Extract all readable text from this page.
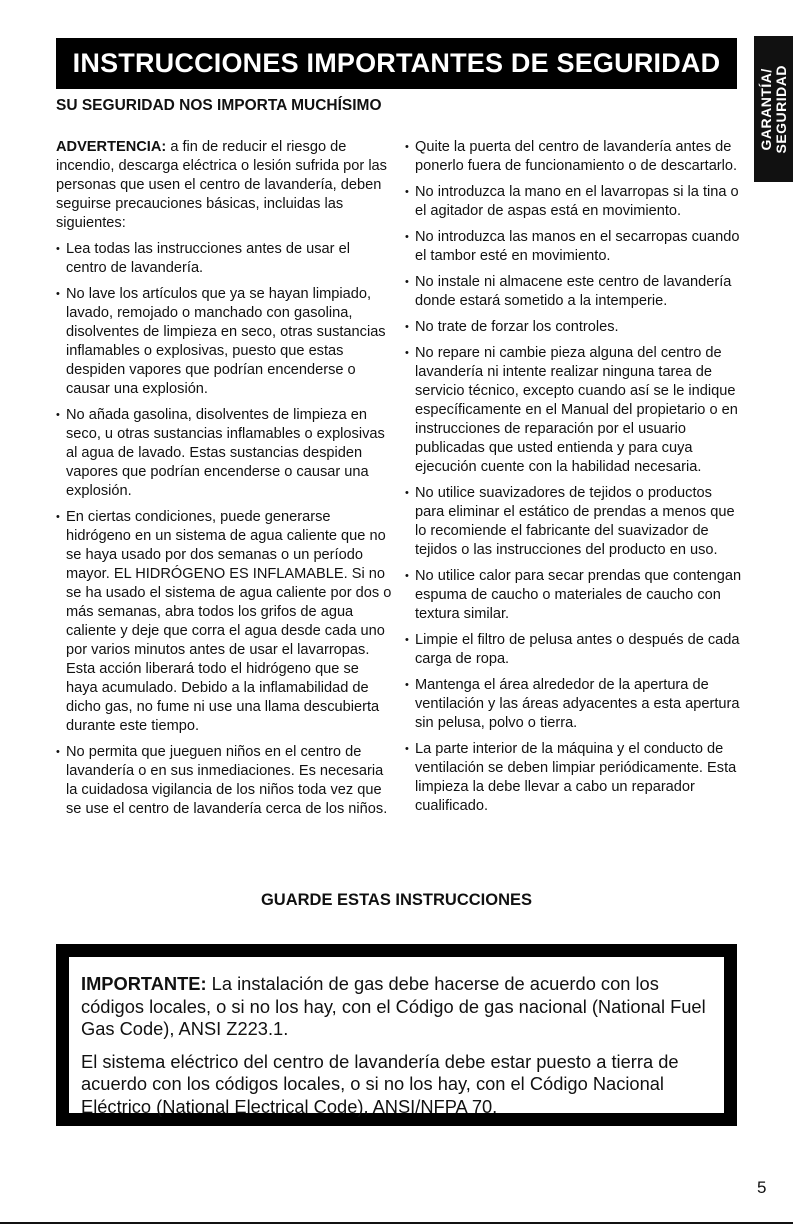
INSTRUCCIONES IMPORTANTES DE SEGURIDAD
GARANTÍA/
SEGURIDAD
SU SEGURIDAD NOS IMPORTA MUCHÍSIMO

ADVERTENCIA: a fin de reducir el riesgo de incendio, descarga eléctrica o lesión sufrida por las personas que usen el centro de lavandería, deben seguirse precauciones básicas, incluidas las siguientes:

• Lea todas las instrucciones antes de usar el centro de lavandería.
• No lave los artículos que ya se hayan limpiado, lavado, remojado o manchado con gasolina, disolventes de limpieza en seco, otras sustancias inflamables o explosivas, puesto que estas despiden vapores que podrían encenderse o causar una explosión.
• No añada gasolina, disolventes de limpieza en seco, u otras sustancias inflamables o explosivas al agua de lavado. Estas sustancias despiden vapores que podrían encenderse o causar una explosión.
• En ciertas condiciones, puede generarse hidrógeno en un sistema de agua caliente que no se haya usado por dos semanas o un período mayor. EL HIDRÓGENO ES INFLAMABLE. Si no se ha usado el sistema de agua caliente por dos o más semanas, abra todos los grifos de agua caliente y deje que corra el agua desde cada uno por varios minutos antes de usar el lavarropas. Esta acción liberará todo el hidrógeno que se haya acumulado. Debido a la inflamabilidad de dicho gas, no fume ni use una llama descubierta durante este tiempo.
• No permita que jueguen niños en el centro de lavandería o en sus inmediaciones. Es necesaria la cuidadosa vigilancia de los niños toda vez que se use el centro de lavandería cerca de los niños.
• Quite la puerta del centro de lavandería antes de ponerlo fuera de funcionamiento o de descartarlo.
• No introduzca la mano en el lavarropas si la tina o el agitador de aspas está en movimiento.
• No introduzca las manos en el secarropas cuando el tambor esté en movimiento.
• No instale ni almacene este centro de lavandería donde estará sometido a la intemperie.
• No trate de forzar los controles.
• No repare ni cambie pieza alguna del centro de lavandería ni intente realizar ninguna tarea de servicio técnico, excepto cuando así se le indique específicamente en el Manual del propietario o en instrucciones de reparación por el usuario publicadas que usted entienda y para cuya ejecución cuente con la habilidad necesaria.
• No utilice suavizadores de tejidos o productos para eliminar el estático de prendas a menos que lo recomiende el fabricante del suavizador de tejidos o las instrucciones del producto en uso.
• No utilice calor para secar prendas que contengan espuma de caucho o materiales de caucho con textura similar.
• Limpie el filtro de pelusa antes o después de cada carga de ropa.
• Mantenga el área alrededor de la apertura de ventilación y las áreas adyacentes a esta apertura sin pelusa, polvo o tierra.
• La parte interior de la máquina y el conducto de ventilación se deben limpiar periódicamente. Esta limpieza la debe llevar a cabo un reparador cualificado.
GUARDE ESTAS INSTRUCCIONES

IMPORTANTE: La instalación de gas debe hacerse de acuerdo con los códigos locales, o si no los hay, con el Código de gas nacional (National Fuel Gas Code), ANSI Z223.1.

El sistema eléctrico del centro de lavandería debe estar puesto a tierra de acuerdo con los códigos locales, o si no los hay, con el Código Nacional Eléctrico (National Electrical Code), ANSI/NFPA 70.

5
